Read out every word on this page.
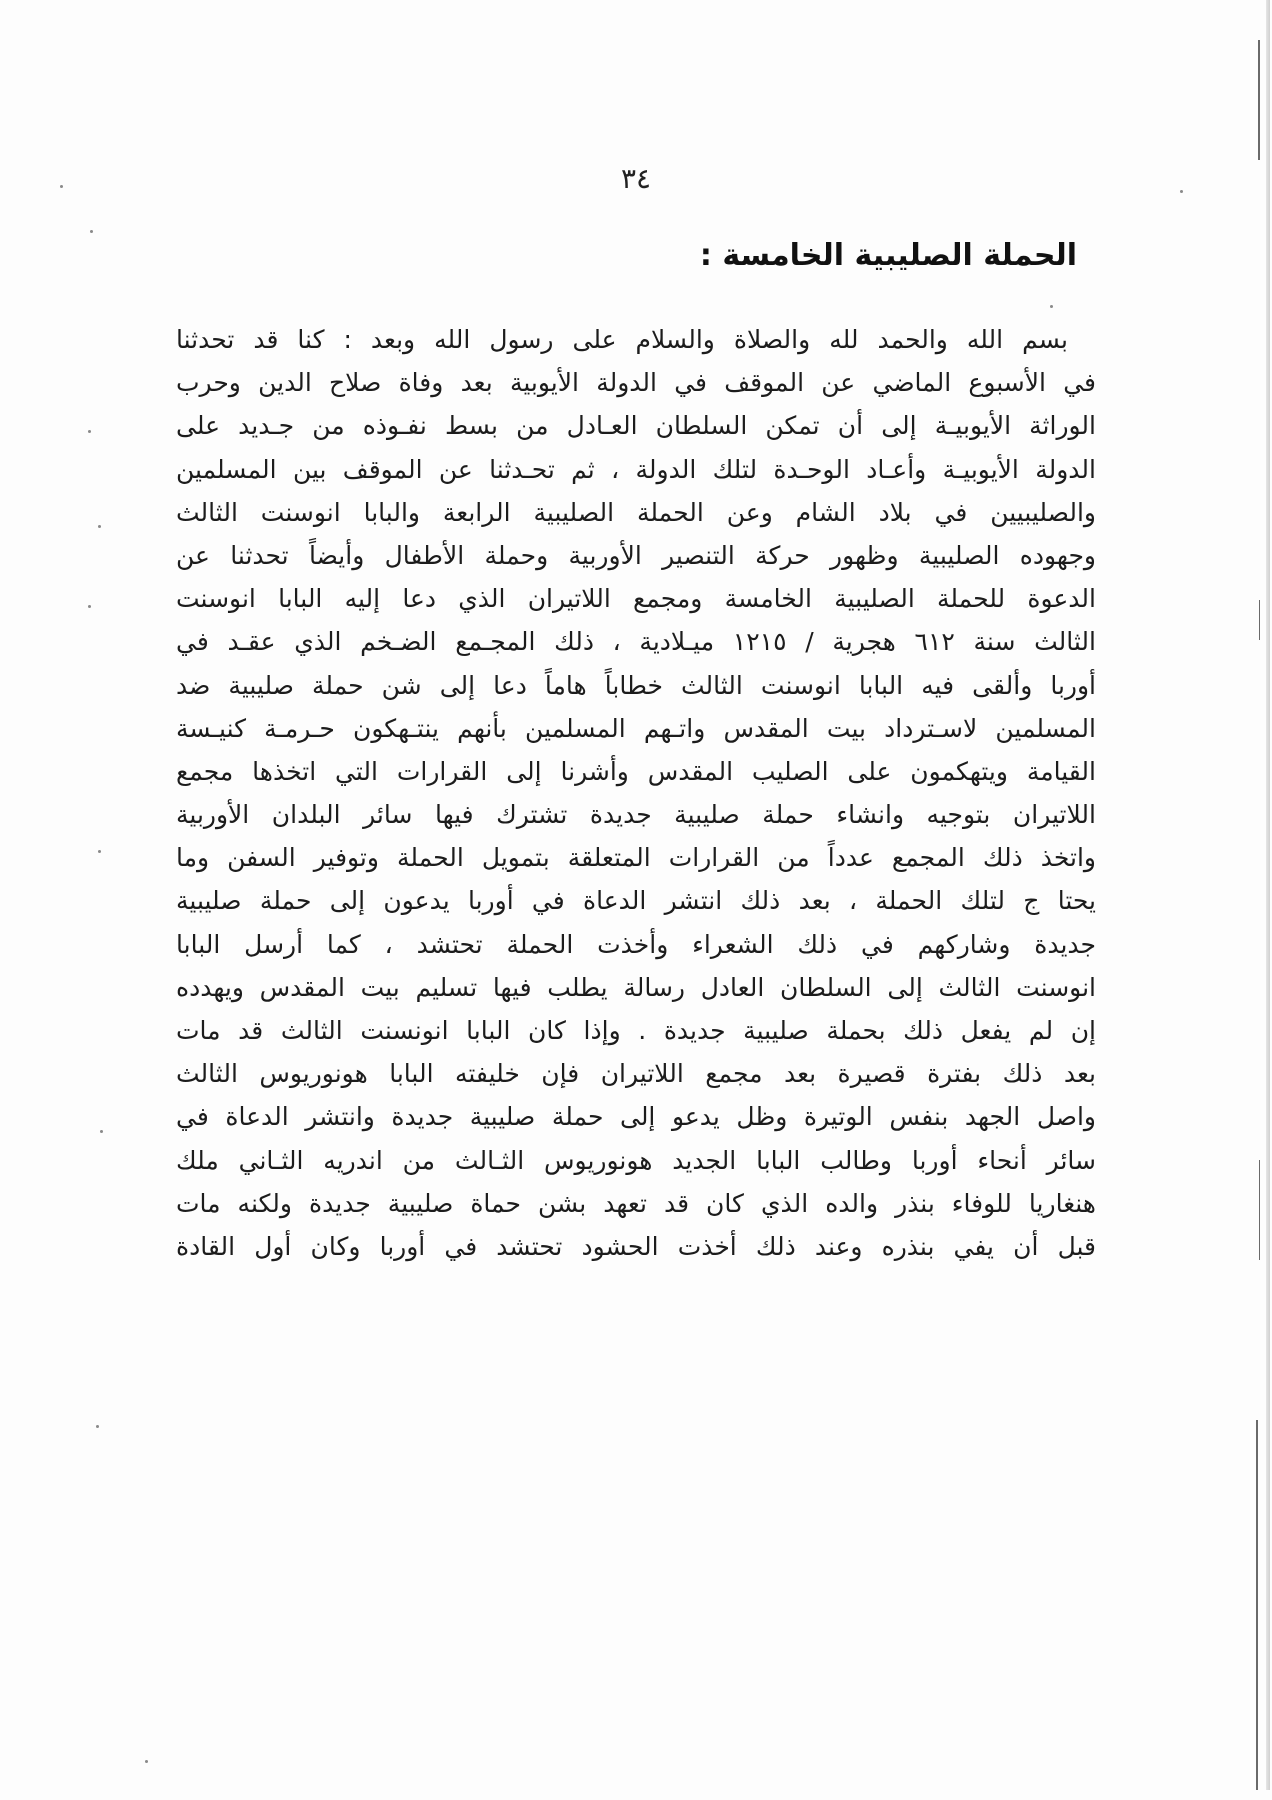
٣٤
الحملة الصليبية الخامسة :
بسم الله والحمد لله والصلاة والسلام على رسول الله وبعد : كنا قد تحدثنا
في الأسبوع الماضي عن الموقف في الدولة الأيوبية بعد وفاة صلاح الدين وحرب
الوراثة الأيوبيـة إلى أن تمكن السلطان العـادل من بسط نفـوذه من جـديد على
الدولة الأيوبيـة وأعـاد الوحـدة لتلك الدولة ، ثم تحـدثنا عن الموقف بين المسلمين
والصليبيين في بلاد الشام وعن الحملة الصليبية الرابعة والبابا انوسنت الثالث
وجهوده الصليبية وظهور حركة التنصير الأوربية وحملة الأطفال وأيضاً تحدثنا عن
الدعوة للحملة الصليبية الخامسة ومجمع اللاتيران الذي دعا إليه البابا انوسنت
الثالث سنة ٦١٢ هجرية / ١٢١٥ ميـلادية ، ذلك المجـمع الضـخم الذي عقـد في
أوربا وألقى فيه البابا انوسنت الثالث خطاباً هاماً دعا إلى شن حملة صليبية ضد
المسلمين لاسـترداد بيت المقدس واتـهم المسلمين بأنهم ينتـهكون حـرمـة كنيـسة
القيامة ويتهكمون على الصليب المقدس وأشرنا إلى القرارات التي اتخذها مجمع
اللاتيران بتوجيه وانشاء حملة صليبية جديدة تشترك فيها سائر البلدان الأوربية
واتخذ ذلك المجمع عدداً من القرارات المتعلقة بتمويل الحملة وتوفير السفن وما
يحتا ج لتلك الحملة ، بعد ذلك انتشر الدعاة في أوربا يدعون إلى حملة صليبية
جديدة وشاركهم في ذلك الشعراء وأخذت الحملة تحتشد ، كما أرسل البابا
انوسنت الثالث إلى السلطان العادل رسالة يطلب فيها تسليم بيت المقدس ويهدده
إن لم يفعل ذلك بحملة صليبية جديدة . وإذا كان البابا انونسنت الثالث قد مات
بعد ذلك بفترة قصيرة بعد مجمع اللاتيران فإن خليفته البابا هونوريوس الثالث
واصل الجهد بنفس الوتيرة وظل يدعو إلى حملة صليبية جديدة وانتشر الدعاة في
سائر أنحاء أوربا وطالب البابا الجديد هونوريوس الثـالث من اندريه الثـاني ملك
هنغاريا للوفاء بنذر والده الذي كان قد تعهد بشن حماة صليبية جديدة ولكنه مات
قبل أن يفي بنذره وعند ذلك أخذت الحشود تحتشد في أوربا وكان أول القادة
